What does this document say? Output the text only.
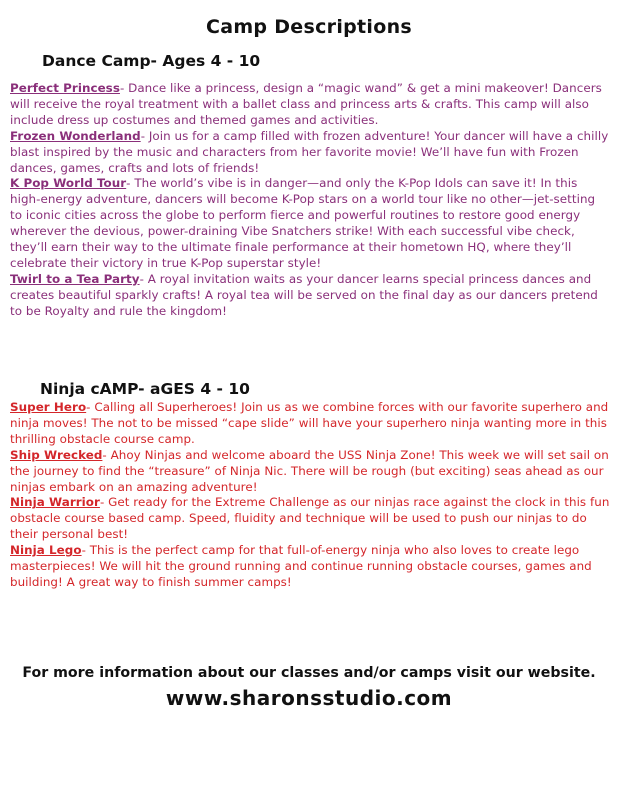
Camp Descriptions
Dance Camp- Ages 4 - 10

Perfect Princess- Dance like a princess, design a “magic wand” & get a mini makeover! Dancers will receive the royal treatment with a ballet class and princess arts & crafts. This camp will also include dress up costumes and themed games and activities.

Frozen Wonderland- Join us for a camp filled with frozen adventure! Your dancer will have a chilly blast inspired by the music and characters from her favorite movie! We’ll have fun with Frozen dances, games, crafts and lots of friends!

K Pop World Tour- The world’s vibe is in danger—and only the K-Pop Idols can save it! In this high-energy adventure, dancers will become K-Pop stars on a world tour like no other—jet-setting to iconic cities across the globe to perform fierce and powerful routines to restore good energy wherever the devious, power-draining Vibe Snatchers strike! With each successful vibe check, they’ll earn their way to the ultimate finale performance at their hometown HQ, where they’ll celebrate their victory in true K-Pop superstar style!

Twirl to a Tea Party- A royal invitation waits as your dancer learns special princess dances and creates beautiful sparkly crafts! A royal tea will be served on the final day as our dancers pretend to be Royalty and rule the kingdom!

Ninja cAMP- aGES 4 - 10

Super Hero- Calling all Superheroes! Join us as we combine forces with our favorite superhero and ninja moves! The not to be missed “cape slide” will have your superhero ninja wanting more in this thrilling obstacle course camp.

Ship Wrecked- Ahoy Ninjas and welcome aboard the USS Ninja Zone! This week we will set sail on the journey to find the “treasure” of Ninja Nic. There will be rough (but exciting) seas ahead as our ninjas embark on an amazing adventure!

Ninja Warrior- Get ready for the Extreme Challenge as our ninjas race against the clock in this fun obstacle course based camp. Speed, fluidity and technique will be used to push our ninjas to do their personal best!

Ninja Lego- This is the perfect camp for that full-of-energy ninja who also loves to create lego masterpieces! We will hit the ground running and continue running obstacle courses, games and building! A great way to finish summer camps!

For more information about our classes and/or camps visit our website.
www.sharonsstudio.com
